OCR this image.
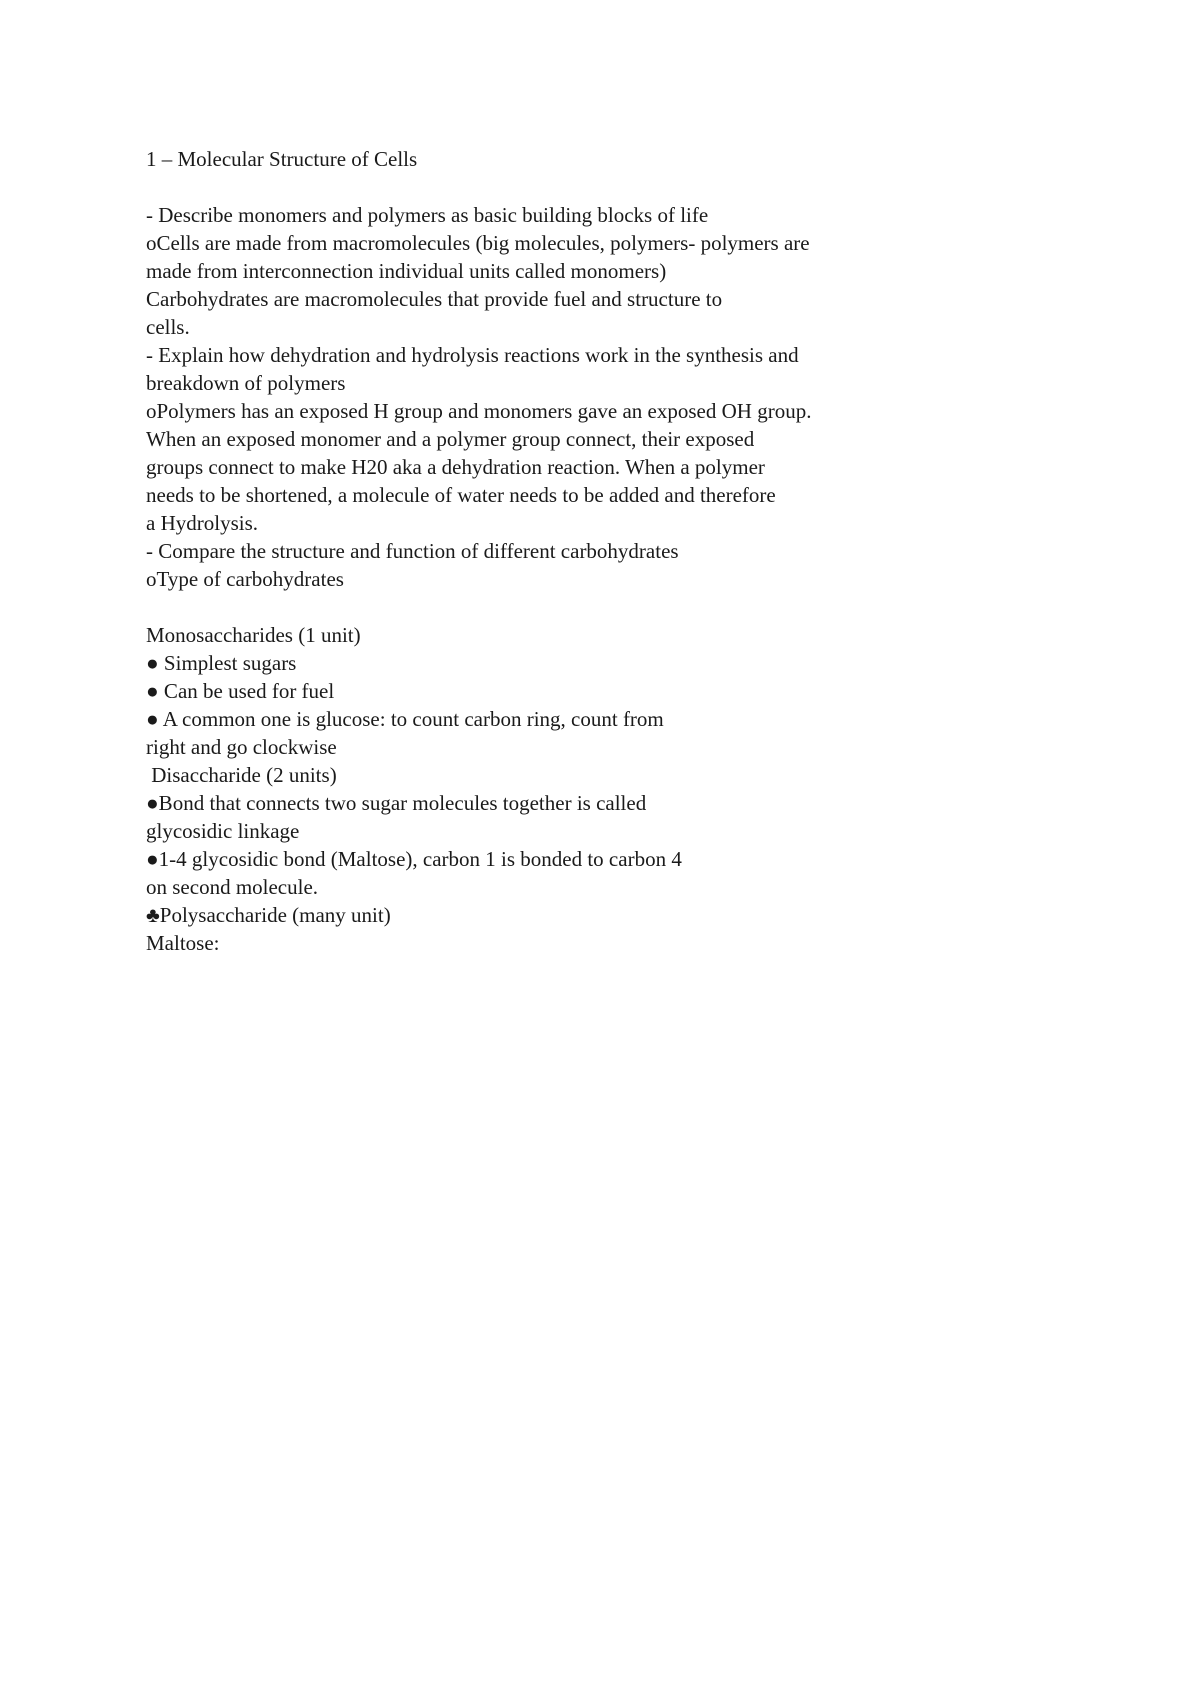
1 – Molecular Structure of Cells
- Describe monomers and polymers as basic building blocks of life
oCells are made from macromolecules (big molecules, polymers- polymers are
made from interconnection individual units called monomers)
Carbohydrates are macromolecules that provide fuel and structure to
cells.
- Explain how dehydration and hydrolysis reactions work in the synthesis and
breakdown of polymers
oPolymers has an exposed H group and monomers gave an exposed OH group.
When an exposed monomer and a polymer group connect, their exposed
groups connect to make H20 aka a dehydration reaction. When a polymer
needs to be shortened, a molecule of water needs to be added and therefore
a Hydrolysis.
- Compare the structure and function of different carbohydrates
oType of carbohydrates
Monosaccharides (1 unit)
● Simplest sugars
● Can be used for fuel
● A common one is glucose: to count carbon ring, count from
right and go clockwise
Disaccharide (2 units)
●Bond that connects two sugar molecules together is called
glycosidic linkage
●1-4 glycosidic bond (Maltose), carbon 1 is bonded to carbon 4
on second molecule.
♣Polysaccharide (many unit)
Maltose:
